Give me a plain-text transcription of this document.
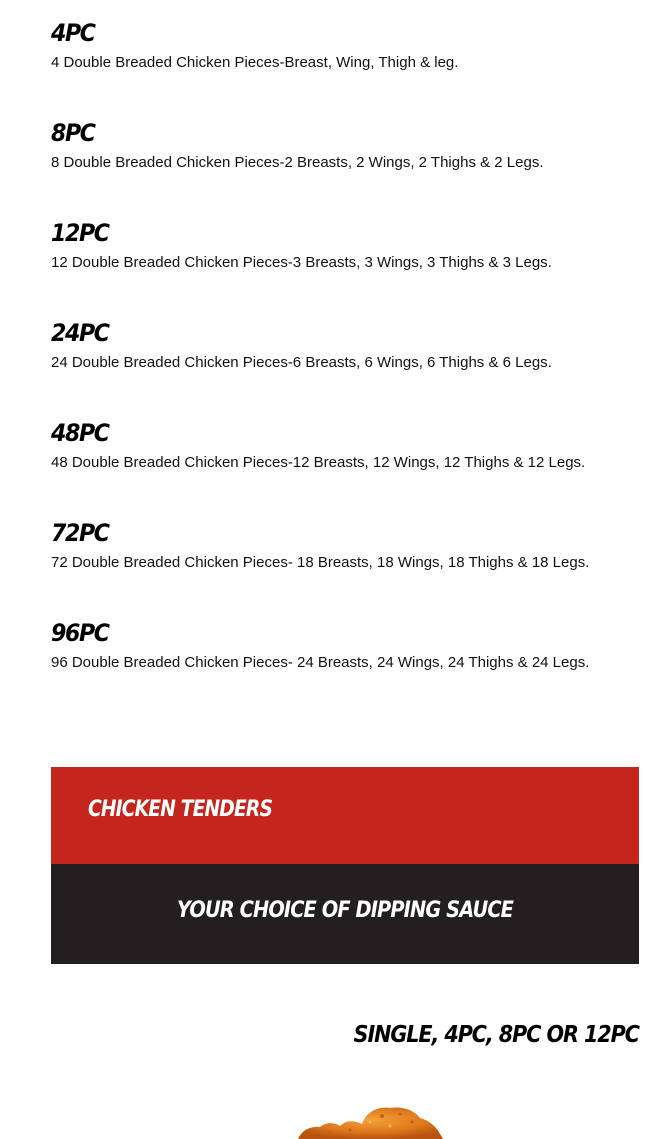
4PC
4 Double Breaded Chicken Pieces-Breast, Wing, Thigh & leg.
8PC
8 Double Breaded Chicken Pieces-2 Breasts, 2 Wings, 2 Thighs & 2 Legs.
12PC
12 Double Breaded Chicken Pieces-3 Breasts, 3 Wings, 3 Thighs & 3 Legs.
24PC
24 Double Breaded Chicken Pieces-6 Breasts, 6 Wings, 6 Thighs & 6 Legs.
48PC
48 Double Breaded Chicken Pieces-12 Breasts, 12 Wings, 12 Thighs & 12 Legs.
72PC
72 Double Breaded Chicken Pieces- 18 Breasts, 18 Wings, 18 Thighs & 18 Legs.
96PC
96 Double Breaded Chicken Pieces- 24 Breasts, 24 Wings, 24 Thighs & 24 Legs.
CHICKEN TENDERS
YOUR CHOICE OF DIPPING SAUCE
SINGLE, 4PC, 8PC OR 12PC
